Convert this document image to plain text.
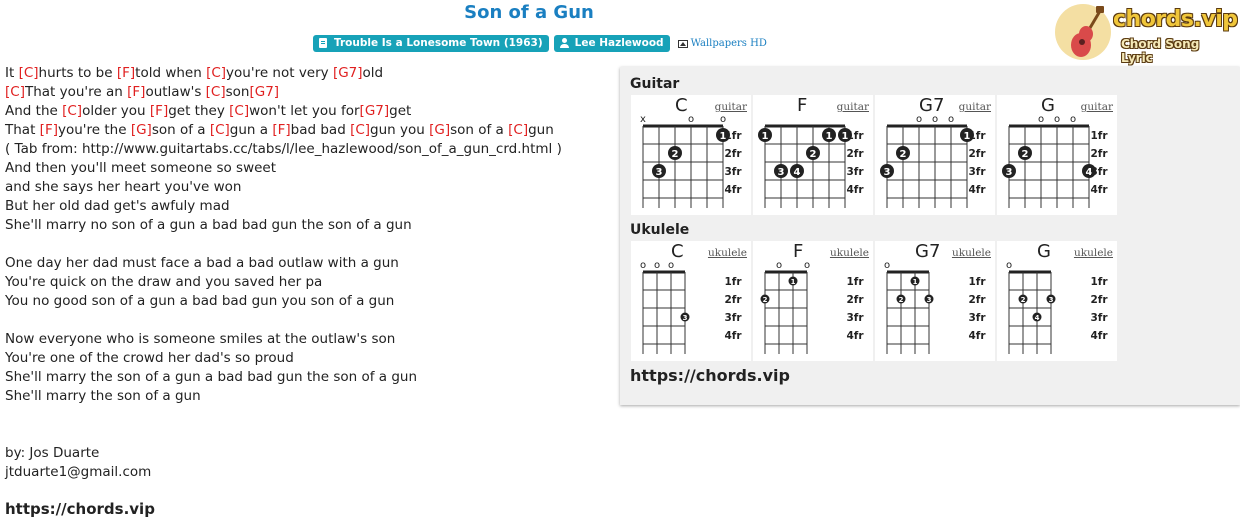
Son of a Gun
Trouble Is a Lonesome Town (1963)	Lee Hazlewood	Wallpapers HD
chords.vip
Chord Song Lyric
It [C]hurts to be [F]told when [C]you're not very [G7]old
[C]That you're an [F]outlaw's [C]son[G7]
And the [C]older you [F]get they [C]won't let you for[G7]get
That [F]you're the [G]son of a [C]gun a [F]bad bad [C]gun you [G]son of a [C]gun
( Tab from: http://www.guitartabs.cc/tabs/l/lee_hazlewood/son_of_a_gun_crd.html )
And then you'll meet someone so sweet
and she says her heart you've won
But her old dad get's awfuly mad
She'll marry no son of a gun a bad bad gun the son of a gun
One day her dad must face a bad a bad outlaw with a gun
You're quick on the draw and you saved her pa
You no good son of a gun a bad bad gun you son of a gun
Now everyone who is someone smiles at the outlaw's son
You're one of the crowd her dad's so proud
She'll marry the son of a gun a bad bad gun the son of a gun
She'll marry the son of a gun
by: Jos Duarte
jtduarte1@gmail.com
https://chords.vip
Guitar
C	guitar
x	o	o
1
2
3
1fr
2fr
3fr
4fr
F	guitar
1	1 1
2
3 4
1fr
2fr
3fr
4fr
G7	guitar
o o o
1
2
3
1fr
2fr
3fr
4fr
G	guitar
o o o
2
3	4
1fr
2fr
3fr
4fr
Ukulele
C	ukulele
o o o
3
1fr
2fr
3fr
4fr
F	ukulele
o o
1
2
1fr
2fr
3fr
4fr
G7	ukulele
o
1
2	3
1fr
2fr
3fr
4fr
G	ukulele
o
2	3
4
1fr
2fr
3fr
4fr
https://chords.vip
